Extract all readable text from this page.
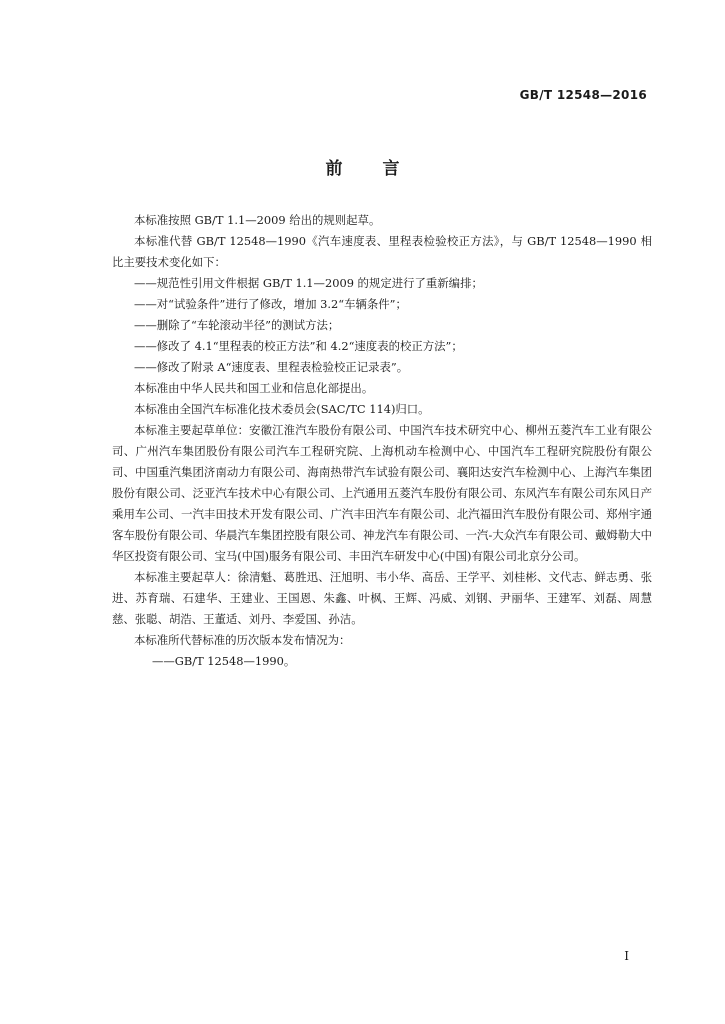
GB/T 12548—2016
前言

本标准按照 GB/T 1.1—2009 给出的规则起草。

本标准代替 GB/T 12548—1990《汽车速度表、里程表检验校正方法》，与 GB/T 12548—1990 相比主要技术变化如下：

——规范性引用文件根据 GB/T 1.1—2009 的规定进行了重新编排；

——对“试验条件”进行了修改，增加 3.2“车辆条件”；

——删除了“车轮滚动半径”的测试方法；

——修改了 4.1“里程表的校正方法”和 4.2“速度表的校正方法”；

——修改了附录 A“速度表、里程表检验校正记录表”。

本标准由中华人民共和国工业和信息化部提出。

本标准由全国汽车标准化技术委员会(SAC/TC 114)归口。

本标准主要起草单位：安徽江淮汽车股份有限公司、中国汽车技术研究中心、柳州五菱汽车工业有限公司、广州汽车集团股份有限公司汽车工程研究院、上海机动车检测中心、中国汽车工程研究院股份有限公司、中国重汽集团济南动力有限公司、海南热带汽车试验有限公司、襄阳达安汽车检测中心、上海汽车集团股份有限公司、泛亚汽车技术中心有限公司、上汽通用五菱汽车股份有限公司、东风汽车有限公司东风日产乘用车公司、一汽丰田技术开发有限公司、广汽丰田汽车有限公司、北汽福田汽车股份有限公司、郑州宇通客车股份有限公司、华晨汽车集团控股有限公司、神龙汽车有限公司、一汽-大众汽车有限公司、戴姆勒大中华区投资有限公司、宝马(中国)服务有限公司、丰田汽车研发中心(中国)有限公司北京分公司。

本标准主要起草人：徐清魁、葛胜迅、汪旭明、韦小华、高岳、王学平、刘桂彬、文代志、鲜志勇、张进、苏育瑞、石建华、王建业、王国恩、朱鑫、叶枫、王辉、冯威、刘钢、尹丽华、王建军、刘磊、周慧慈、张聪、胡浩、王董适、刘丹、李爱国、孙洁。

本标准所代替标准的历次版本发布情况为：

——GB/T 12548—1990。

I
